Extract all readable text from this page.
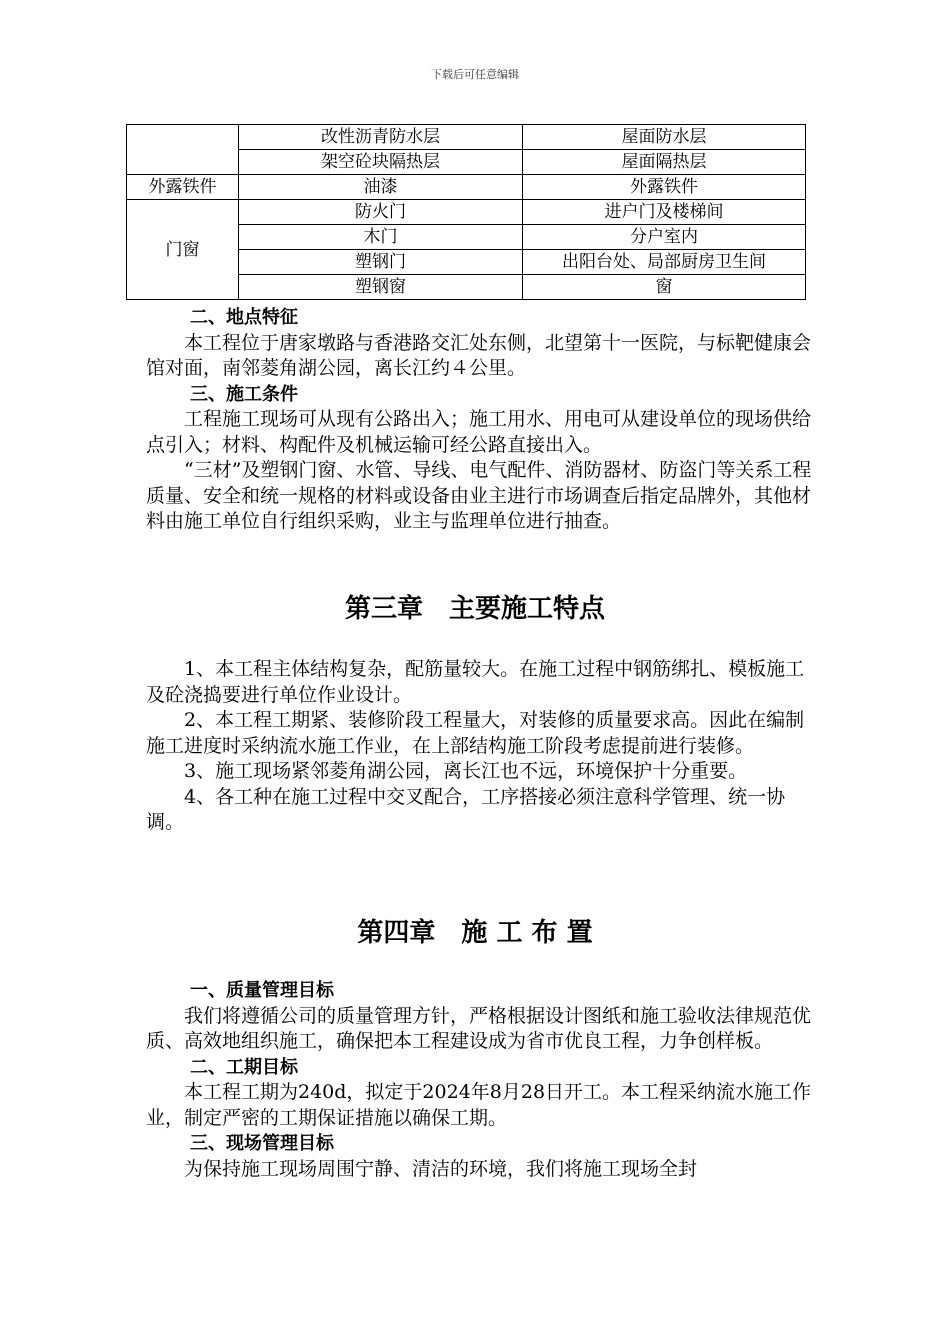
下载后可任意编辑
	改性沥青防水层	屋面防水层
	架空砼块隔热层	屋面隔热层
外露铁件	油漆	外露铁件
门窗	防火门	进户门及楼梯间
	木门	分户室内
	塑钢门	出阳台处、局部厨房卫生间
	塑钢窗	窗

二、地点特征

本工程位于唐家墩路与香港路交汇处东侧，北望第十一医院，与标靶健康会馆对面，南邻菱角湖公园，离长江约４公里。

三、施工条件

工程施工现场可从现有公路出入；施工用水、用电可从建设单位的现场供给点引入；材料、构配件及机械运输可经公路直接出入。

“三材”及塑钢门窗、水管、导线、电气配件、消防器材、防盗门等关系工程质量、安全和统一规格的材料或设备由业主进行市场调查后指定品牌外，其他材料由施工单位自行组织采购，业主与监理单位进行抽查。

第三章　主要施工特点

1、本工程主体结构复杂，配筋量较大。在施工过程中钢筋绑扎、模板施工及砼浇捣要进行单位作业设计。

2、本工程工期紧、装修阶段工程量大，对装修的质量要求高。因此在编制施工进度时采纳流水施工作业，在上部结构施工阶段考虑提前进行装修。

3、施工现场紧邻菱角湖公园，离长江也不远，环境保护十分重要。

4、各工种在施工过程中交叉配合，工序搭接必须注意科学管理、统一协调。

第四章　施 工 布 置

一、质量管理目标

我们将遵循公司的质量管理方针，严格根据设计图纸和施工验收法律规范优质、高效地组织施工，确保把本工程建设成为省市优良工程，力争创样板。

二、工期目标

本工程工期为240d，拟定于2024年8月28日开工。本工程采纳流水施工作业，制定严密的工期保证措施以确保工期。

三、现场管理目标

为保持施工现场周围宁静、清洁的环境，我们将施工现场全封
